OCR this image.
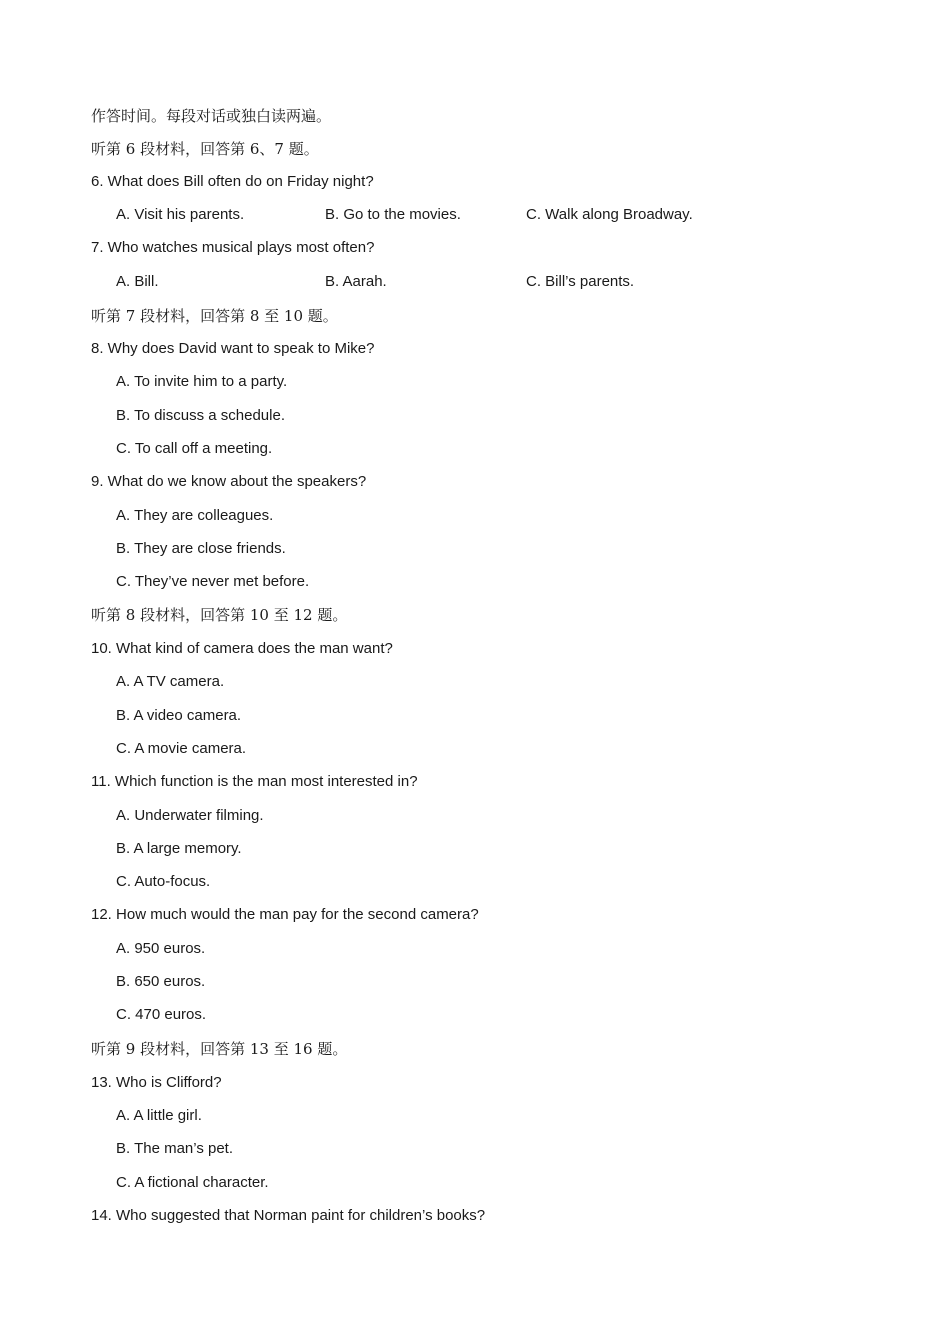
作答时间。每段对话或独白读两遍。
听第 6 段材料，回答第 6、7 题。
6. What does Bill often do on Friday night?
A. Visit his parents.	B. Go to the movies.	C. Walk along Broadway.
7. Who watches musical plays most often?
A. Bill.	B. Aarah.	C. Bill’s parents.
听第 7 段材料，回答第 8 至 10 题。
8. Why does David want to speak to Mike?
A. To invite him to a party.
B. To discuss a schedule.
C. To call off a meeting.
9. What do we know about the speakers?
A. They are colleagues.
B. They are close friends.
C. They’ve never met before.
听第 8 段材料，回答第 10 至 12 题。
10. What kind of camera does the man want?
A. A TV camera.
B. A video camera.
C. A movie camera.
11. Which function is the man most interested in?
A. Underwater filming.
B. A large memory.
C. Auto-focus.
12. How much would the man pay for the second camera?
A. 950 euros.
B. 650 euros.
C. 470 euros.
听第 9 段材料，回答第 13 至 16 题。
13. Who is Clifford?
A. A little girl.
B. The man’s pet.
C. A fictional character.
14. Who suggested that Norman paint for children’s books?
